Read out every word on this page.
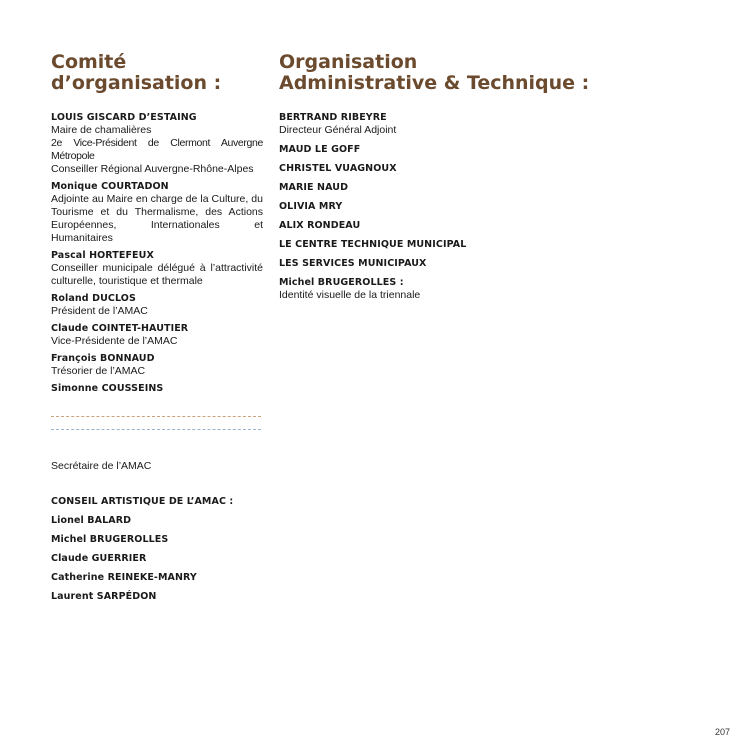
Comité
d’organisation :
LOUIS GISCARD D’ESTAING
Maire de chamalières
2e Vice-Président de Clermont Auvergne Métropole
Conseiller Régional Auvergne-Rhône-Alpes
Monique COURTADON
Adjointe au Maire en charge de la Culture, du Tourisme et du Thermalisme, des Actions Européennes, Internationales et Humanitaires
Pascal HORTEFEUX
Conseiller municipale délégué à l’attractivité culturelle, touristique et thermale
Roland DUCLOS
Président de l’AMAC
Claude COINTET-HAUTIER
Vice-Présidente de l’AMAC
François BONNAUD
Trésorier de l’AMAC
Simonne COUSSEINS
Secrétaire de l’AMAC
CONSEIL ARTISTIQUE DE L’AMAC :
Lionel BALARD
Michel BRUGEROLLES
Claude GUERRIER
Catherine REINEKE-MANRY
Laurent SARPÉDON
Organisation
Administrative & Technique :
BERTRAND RIBEYRE
Directeur Général Adjoint
MAUD LE GOFF
CHRISTEL VUAGNOUX
MARIE NAUD
OLIVIA MRY
ALIX RONDEAU
LE CENTRE TECHNIQUE MUNICIPAL
LES SERVICES MUNICIPAUX
Michel BRUGEROLLES :
Identité visuelle de la triennale
207
